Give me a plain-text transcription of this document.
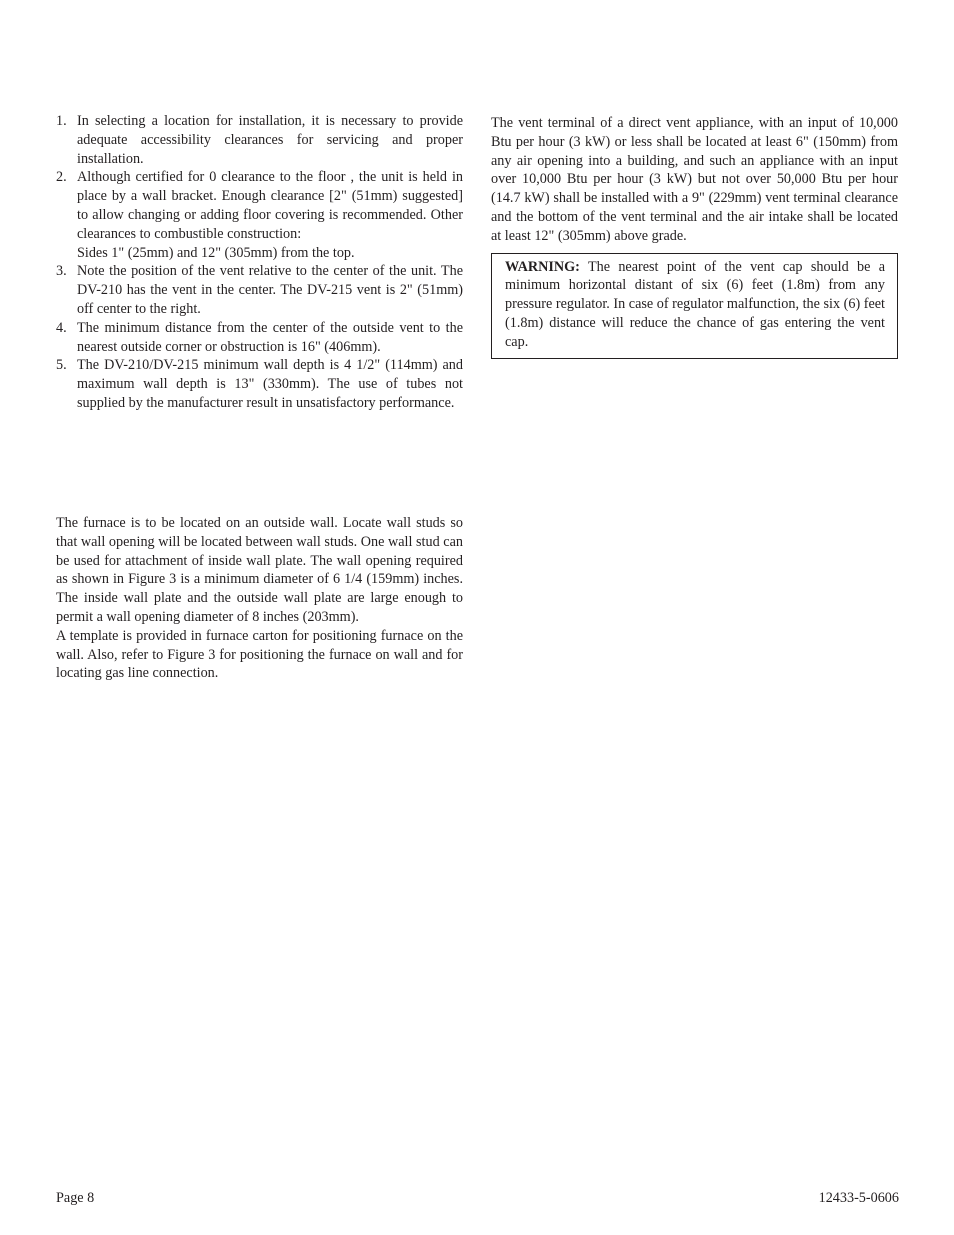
1. In selecting a location for installation, it is necessary to provide adequate accessibility clearances for servicing and proper installation.
2. Although certified for 0 clearance to the floor , the unit is held in place by a wall bracket. Enough clearance [2" (51mm) suggested] to allow changing or adding floor covering is recommended. Other clearances to combustible construction:
Sides 1" (25mm) and 12" (305mm) from the top.
3. Note the position of the vent relative to the center of the unit. The DV-210 has the vent in the center. The DV-215 vent is 2" (51mm) off center to the right.
4. The minimum distance from the center of the outside vent to the nearest outside corner or obstruction is 16" (406mm).
5. The DV-210/DV-215 minimum wall depth is 4 1/2" (114mm) and maximum wall depth is 13" (330mm). The use of tubes not supplied by the manufacturer result in unsatisfactory performance.

The furnace is to be located on an outside wall. Locate wall studs so that wall opening will be located between wall studs. One wall stud can be used for attachment of inside wall plate. The wall opening required as shown in Figure 3 is a minimum diameter of 6 1/4 (159mm) inches. The inside wall plate and the outside wall plate are large enough to permit a wall opening diameter of 8 inches (203mm).

A template is provided in furnace carton for positioning furnace on the wall. Also, refer to Figure 3 for positioning the furnace on wall and for locating gas line connection.

The vent terminal of a direct vent appliance, with an input of 10,000 Btu per hour (3 kW) or less shall be located at least 6" (150mm) from any air opening into a building, and such an appliance with an input over 10,000 Btu per hour (3 kW) but not over 50,000 Btu per hour (14.7 kW) shall be installed with a 9" (229mm) vent terminal clearance and the bottom of the vent terminal and the air intake shall be located at least 12" (305mm) above grade.

WARNING: The nearest point of the vent cap should be a minimum horizontal distant of six (6) feet (1.8m) from any pressure regulator. In case of regulator malfunction, the six (6) feet (1.8m) distance will reduce the chance of gas entering the vent cap.

Page 8	12433-5-0606
